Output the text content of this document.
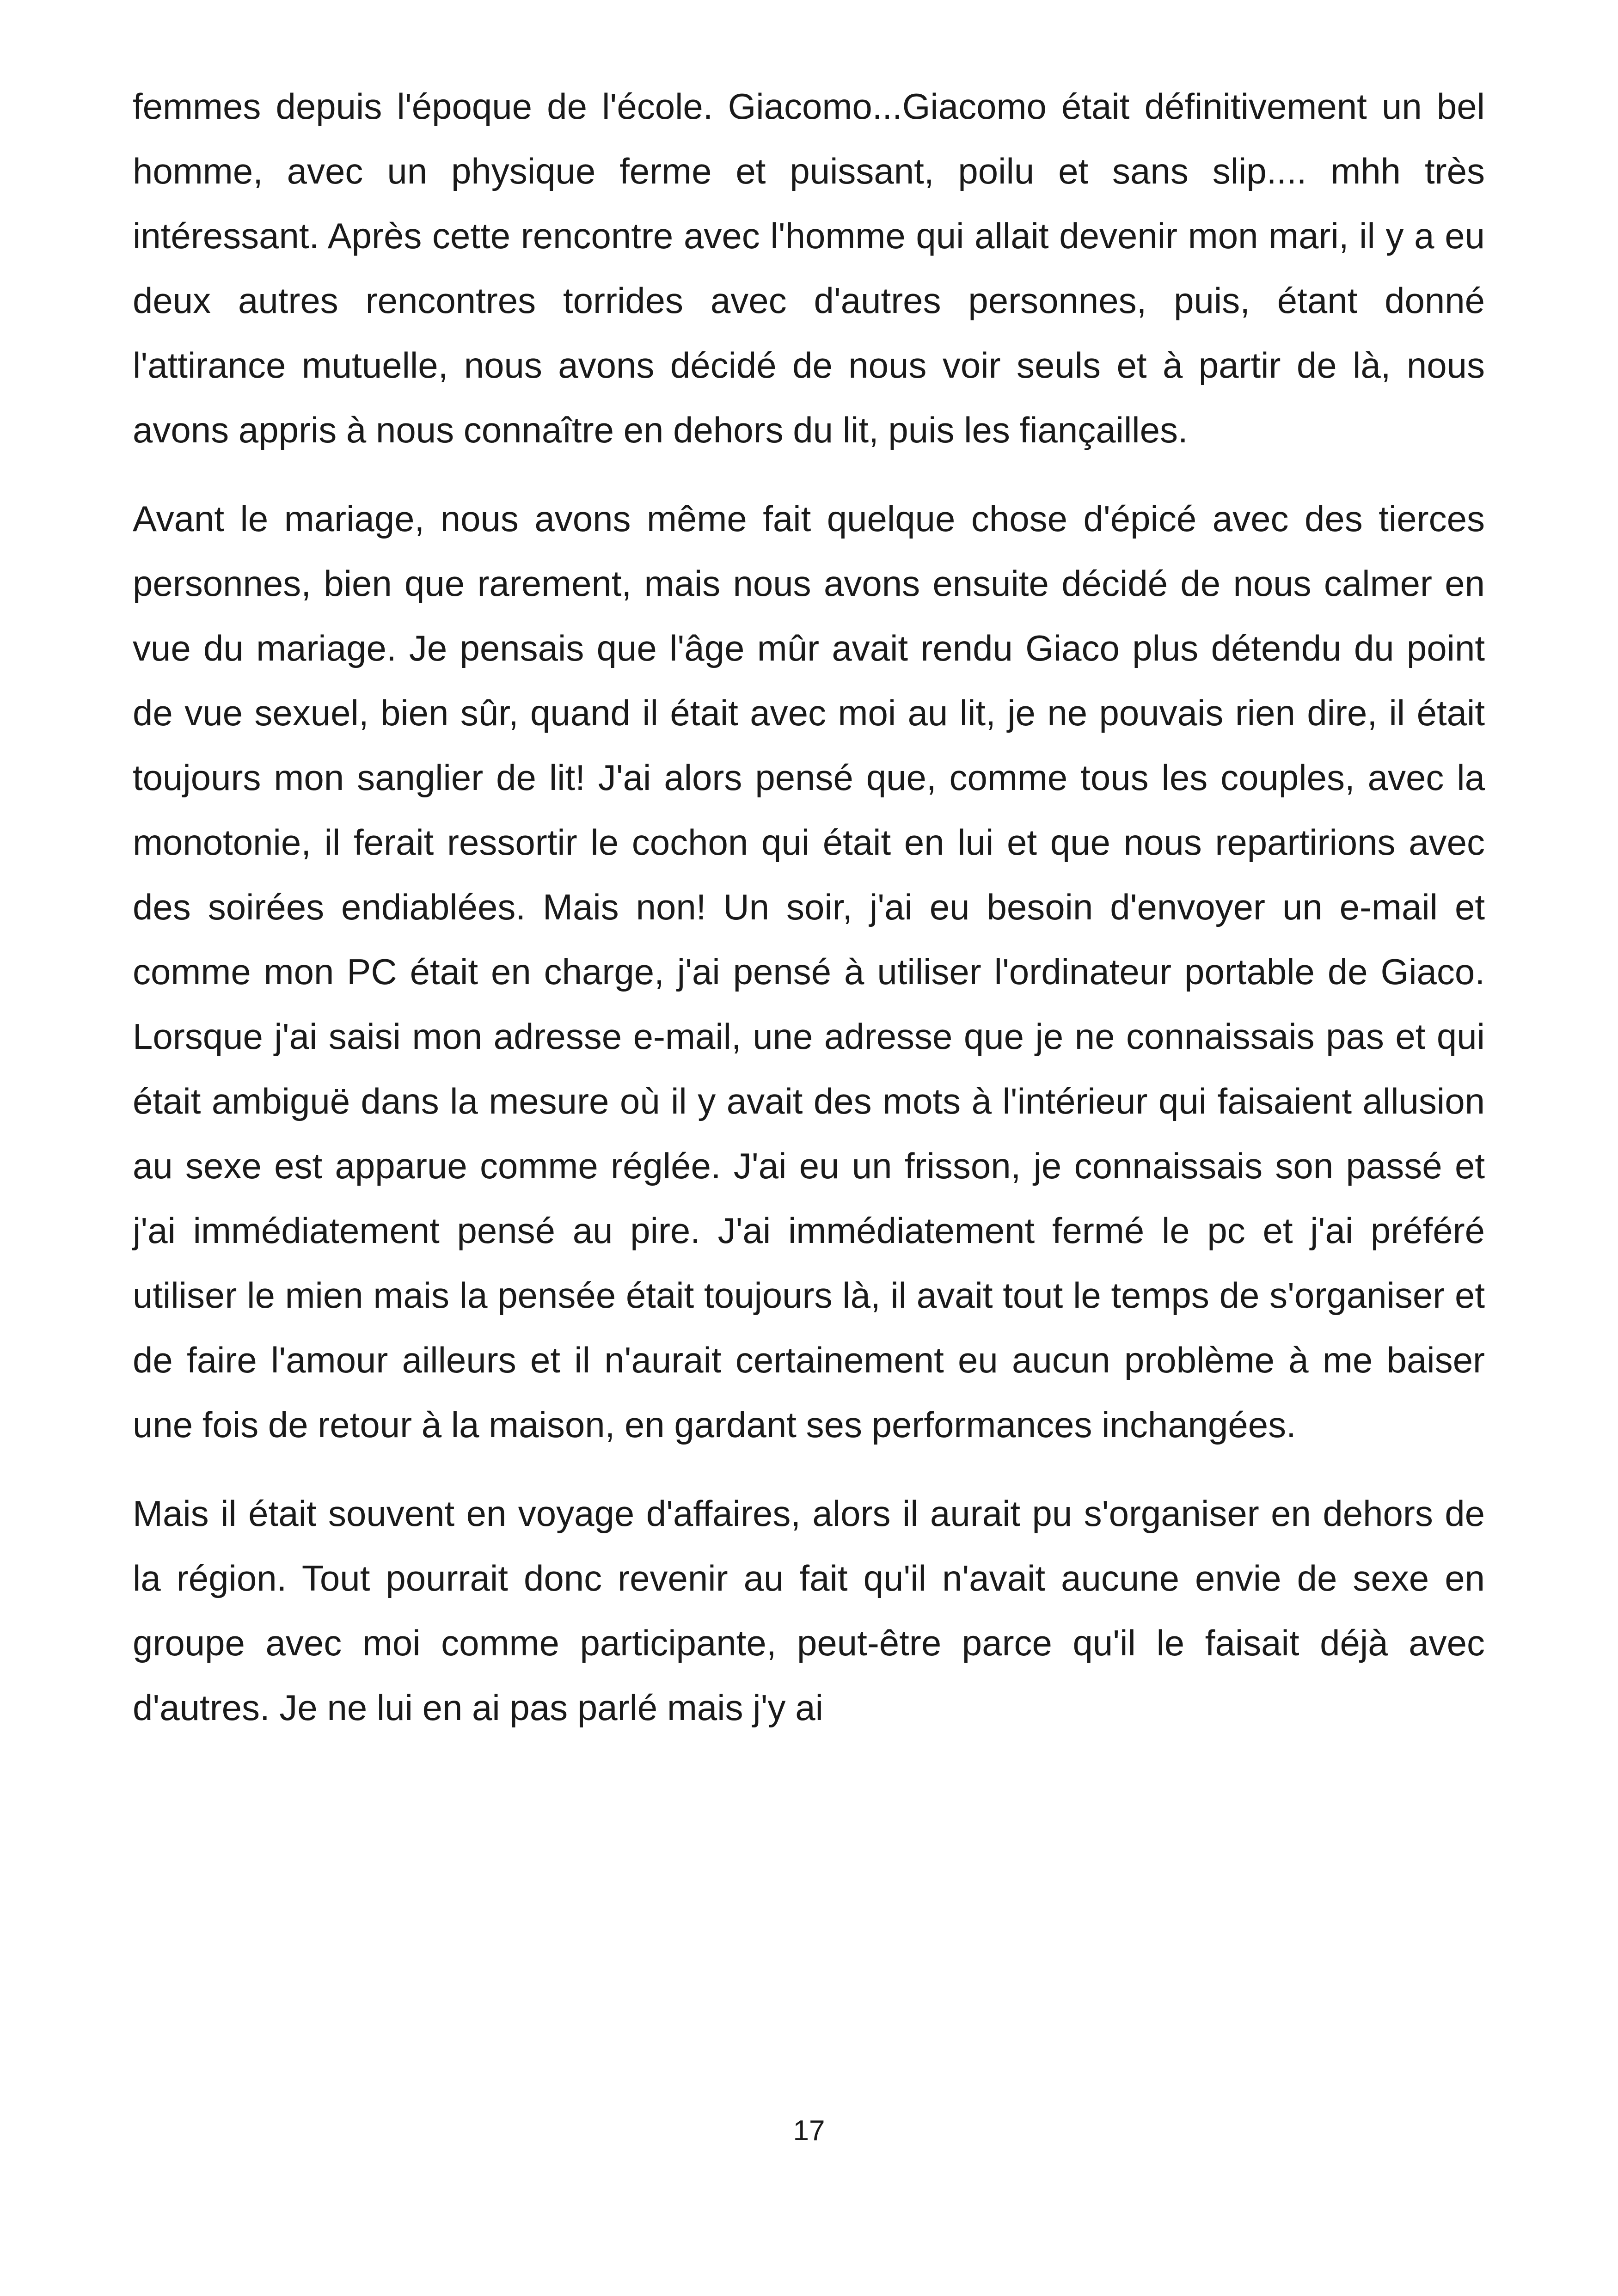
femmes depuis l'époque de l'école. Giacomo...Giacomo était définitivement un bel homme, avec un physique ferme et puissant, poilu et sans slip.... mhh très intéressant. Après cette rencontre avec l'homme qui allait devenir mon mari, il y a eu deux autres rencontres torrides avec d'autres personnes, puis, étant donné l'attirance mutuelle, nous avons décidé de nous voir seuls et à partir de là, nous avons appris à nous connaître en dehors du lit, puis les fiançailles.

Avant le mariage, nous avons même fait quelque chose d'épicé avec des tierces personnes, bien que rarement, mais nous avons ensuite décidé de nous calmer en vue du mariage. Je pensais que l'âge mûr avait rendu Giaco plus détendu du point de vue sexuel, bien sûr, quand il était avec moi au lit, je ne pouvais rien dire, il était toujours mon sanglier de lit! J'ai alors pensé que, comme tous les couples, avec la monotonie, il ferait ressortir le cochon qui était en lui et que nous repartirions avec des soirées endiablées. Mais non! Un soir, j'ai eu besoin d'envoyer un e-mail et comme mon PC était en charge, j'ai pensé à utiliser l'ordinateur portable de Giaco. Lorsque j'ai saisi mon adresse e-mail, une adresse que je ne connaissais pas et qui était ambiguë dans la mesure où il y avait des mots à l'intérieur qui faisaient allusion au sexe est apparue comme réglée. J'ai eu un frisson, je connaissais son passé et j'ai immédiatement pensé au pire. J'ai immédiatement fermé le pc et j'ai préféré utiliser le mien mais la pensée était toujours là, il avait tout le temps de s'organiser et de faire l'amour ailleurs et il n'aurait certainement eu aucun problème à me baiser une fois de retour à la maison, en gardant ses performances inchangées.

Mais il était souvent en voyage d'affaires, alors il aurait pu s'organiser en dehors de la région. Tout pourrait donc revenir au fait qu'il n'avait aucune envie de sexe en groupe avec moi comme participante, peut-être parce qu'il le faisait déjà avec d'autres. Je ne lui en ai pas parlé mais j'y ai

17
